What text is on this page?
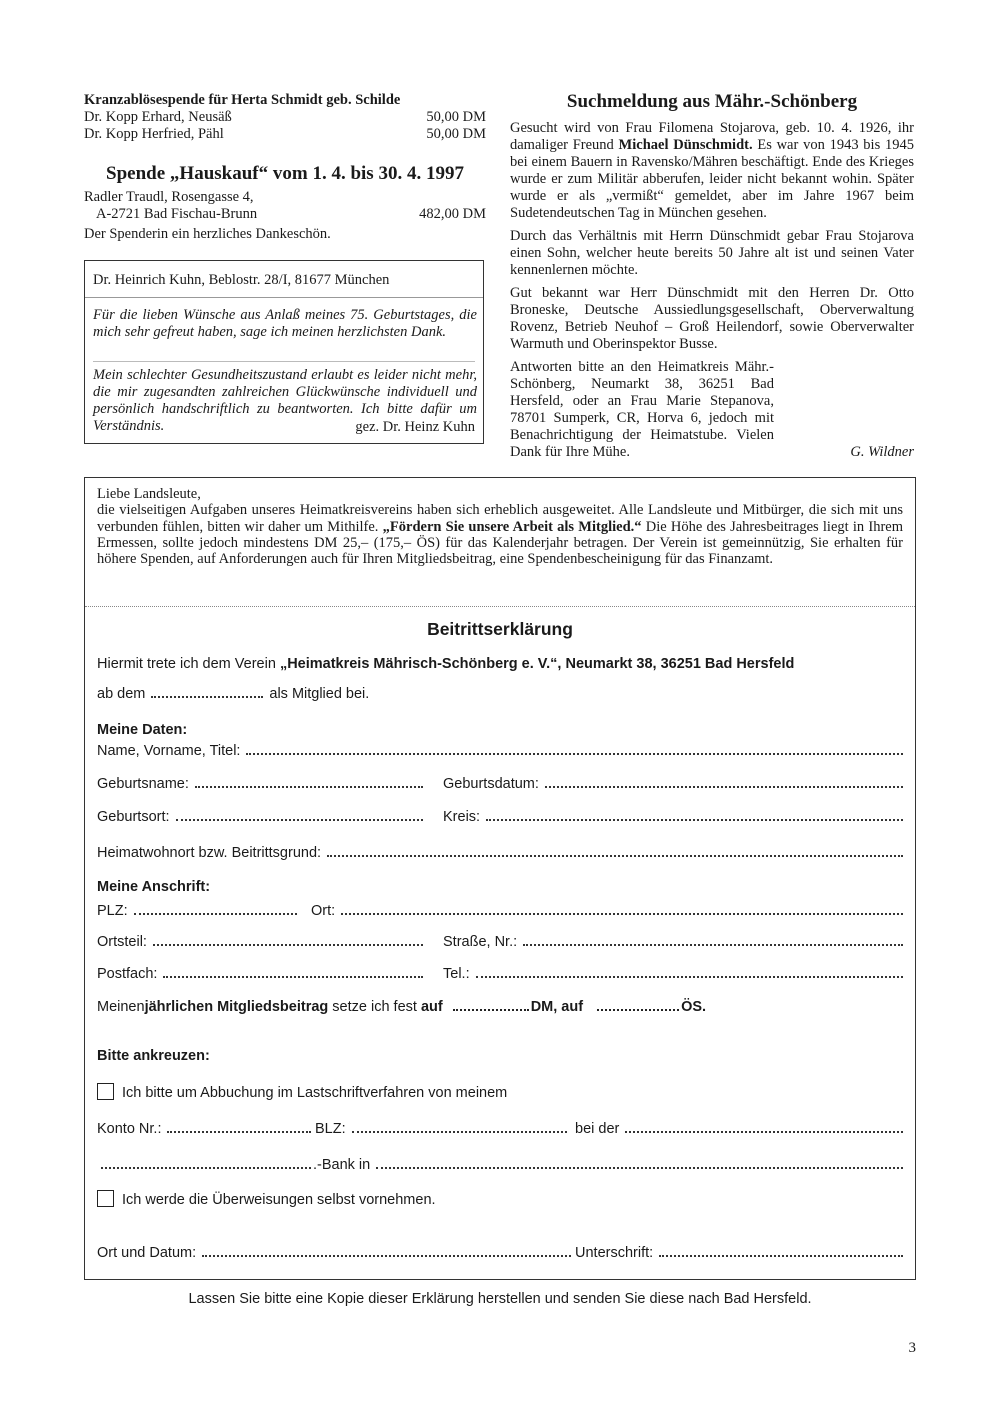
Kranzablösespende für Herta Schmidt geb. Schilde
Dr. Kopp Erhard, Neusäß	50,00 DM
Dr. Kopp Herfried, Pähl	50,00 DM
Spende „Hauskauf“ vom 1. 4. bis 30. 4. 1997
Radler Traudl, Rosengasse 4,
A-2721 Bad Fischau-Brunn	482,00 DM
Der Spenderin ein herzliches Dankeschön.
Dr. Heinrich Kuhn, Beblostr. 28/I, 81677 München

Für die lieben Wünsche aus Anlaß meines 75. Geburtstages, die mich sehr gefreut haben, sage ich meinen herzlichsten Dank.

Mein schlechter Gesundheitszustand erlaubt es leider nicht mehr, die mir zugesandten zahlreichen Glückwünsche individuell und persönlich handschriftlich zu beantworten. Ich bitte dafür um Verständnis.	gez. Dr. Heinz Kuhn
Suchmeldung aus Mähr.-Schönberg

Gesucht wird von Frau Filomena Stojarova, geb. 10. 4. 1926, ihr damaliger Freund Michael Dünschmidt. Es war von 1943 bis 1945 bei einem Bauern in Ravensko/Mähren beschäftigt. Ende des Krieges wurde er zum Militär abberufen, leider nicht bekannt wohin. Später wurde er als „vermißt“ gemeldet, aber im Jahre 1967 beim Sudetendeutschen Tag in München gesehen.

Durch das Verhältnis mit Herrn Dünschmidt gebar Frau Stojarova einen Sohn, welcher heute bereits 50 Jahre alt ist und seinen Vater kennenlernen möchte.

Gut bekannt war Herr Dünschmidt mit den Herren Dr. Otto Broneske, Deutsche Aussiedlungsgesellschaft, Oberverwaltung Rovenz, Betrieb Neuhof – Groß Heilendorf, sowie Oberverwalter Warmuth und Oberinspektor Busse.

Antworten bitte an den Heimatkreis Mähr.-Schönberg, Neumarkt 38, 36251 Bad Hersfeld, oder an Frau Marie Stepanova, 78701 Sumperk, CR, Horva 6, jedoch mit Benachrichtigung der Heimatstube. Vielen Dank für Ihre Mühe.	G. Wildner
Liebe Landsleute,

die vielseitigen Aufgaben unseres Heimatkreisvereins haben sich erheblich ausgeweitet. Alle Landsleute und Mitbürger, die sich mit uns verbunden fühlen, bitten wir daher um Mithilfe. „Fördern Sie unsere Arbeit als Mitglied.“ Die Höhe des Jahresbeitrages liegt in Ihrem Ermessen, sollte jedoch mindestens DM 25,– (175,– ÖS) für das Kalenderjahr betragen. Der Verein ist gemeinnützig, Sie erhalten für höhere Spenden, auf Anforderungen auch für Ihren Mitgliedsbeitrag, eine Spendenbescheinigung für das Finanzamt.

Beitrittserklärung
Hiermit trete ich dem Verein „Heimatkreis Mährisch-Schönberg e. V.“, Neumarkt 38, 36251 Bad Hersfeld
ab dem	als Mitglied bei.
Meine Daten:
Name, Vorname, Titel:
Geburtsname:	Geburtsdatum:
Geburtsort:	Kreis:
Heimatwohnort bzw. Beitrittsgrund:
Meine Anschrift:
PLZ:	Ort:
Ortsteil:	Straße, Nr.:
Postfach:	Tel.:
Meinen jährlichen Mitgliedsbeitrag setze ich fest auf	DM, auf	ÖS.
Bitte ankreuzen:
Ich bitte um Abbuchung im Lastschriftverfahren von meinem
Konto Nr.:	BLZ:	bei der
.-Bank in
Ich werde die Überweisungen selbst vornehmen.
Ort und Datum:	Unterschrift:
Lassen Sie bitte eine Kopie dieser Erklärung herstellen und senden Sie diese nach Bad Hersfeld.
3
